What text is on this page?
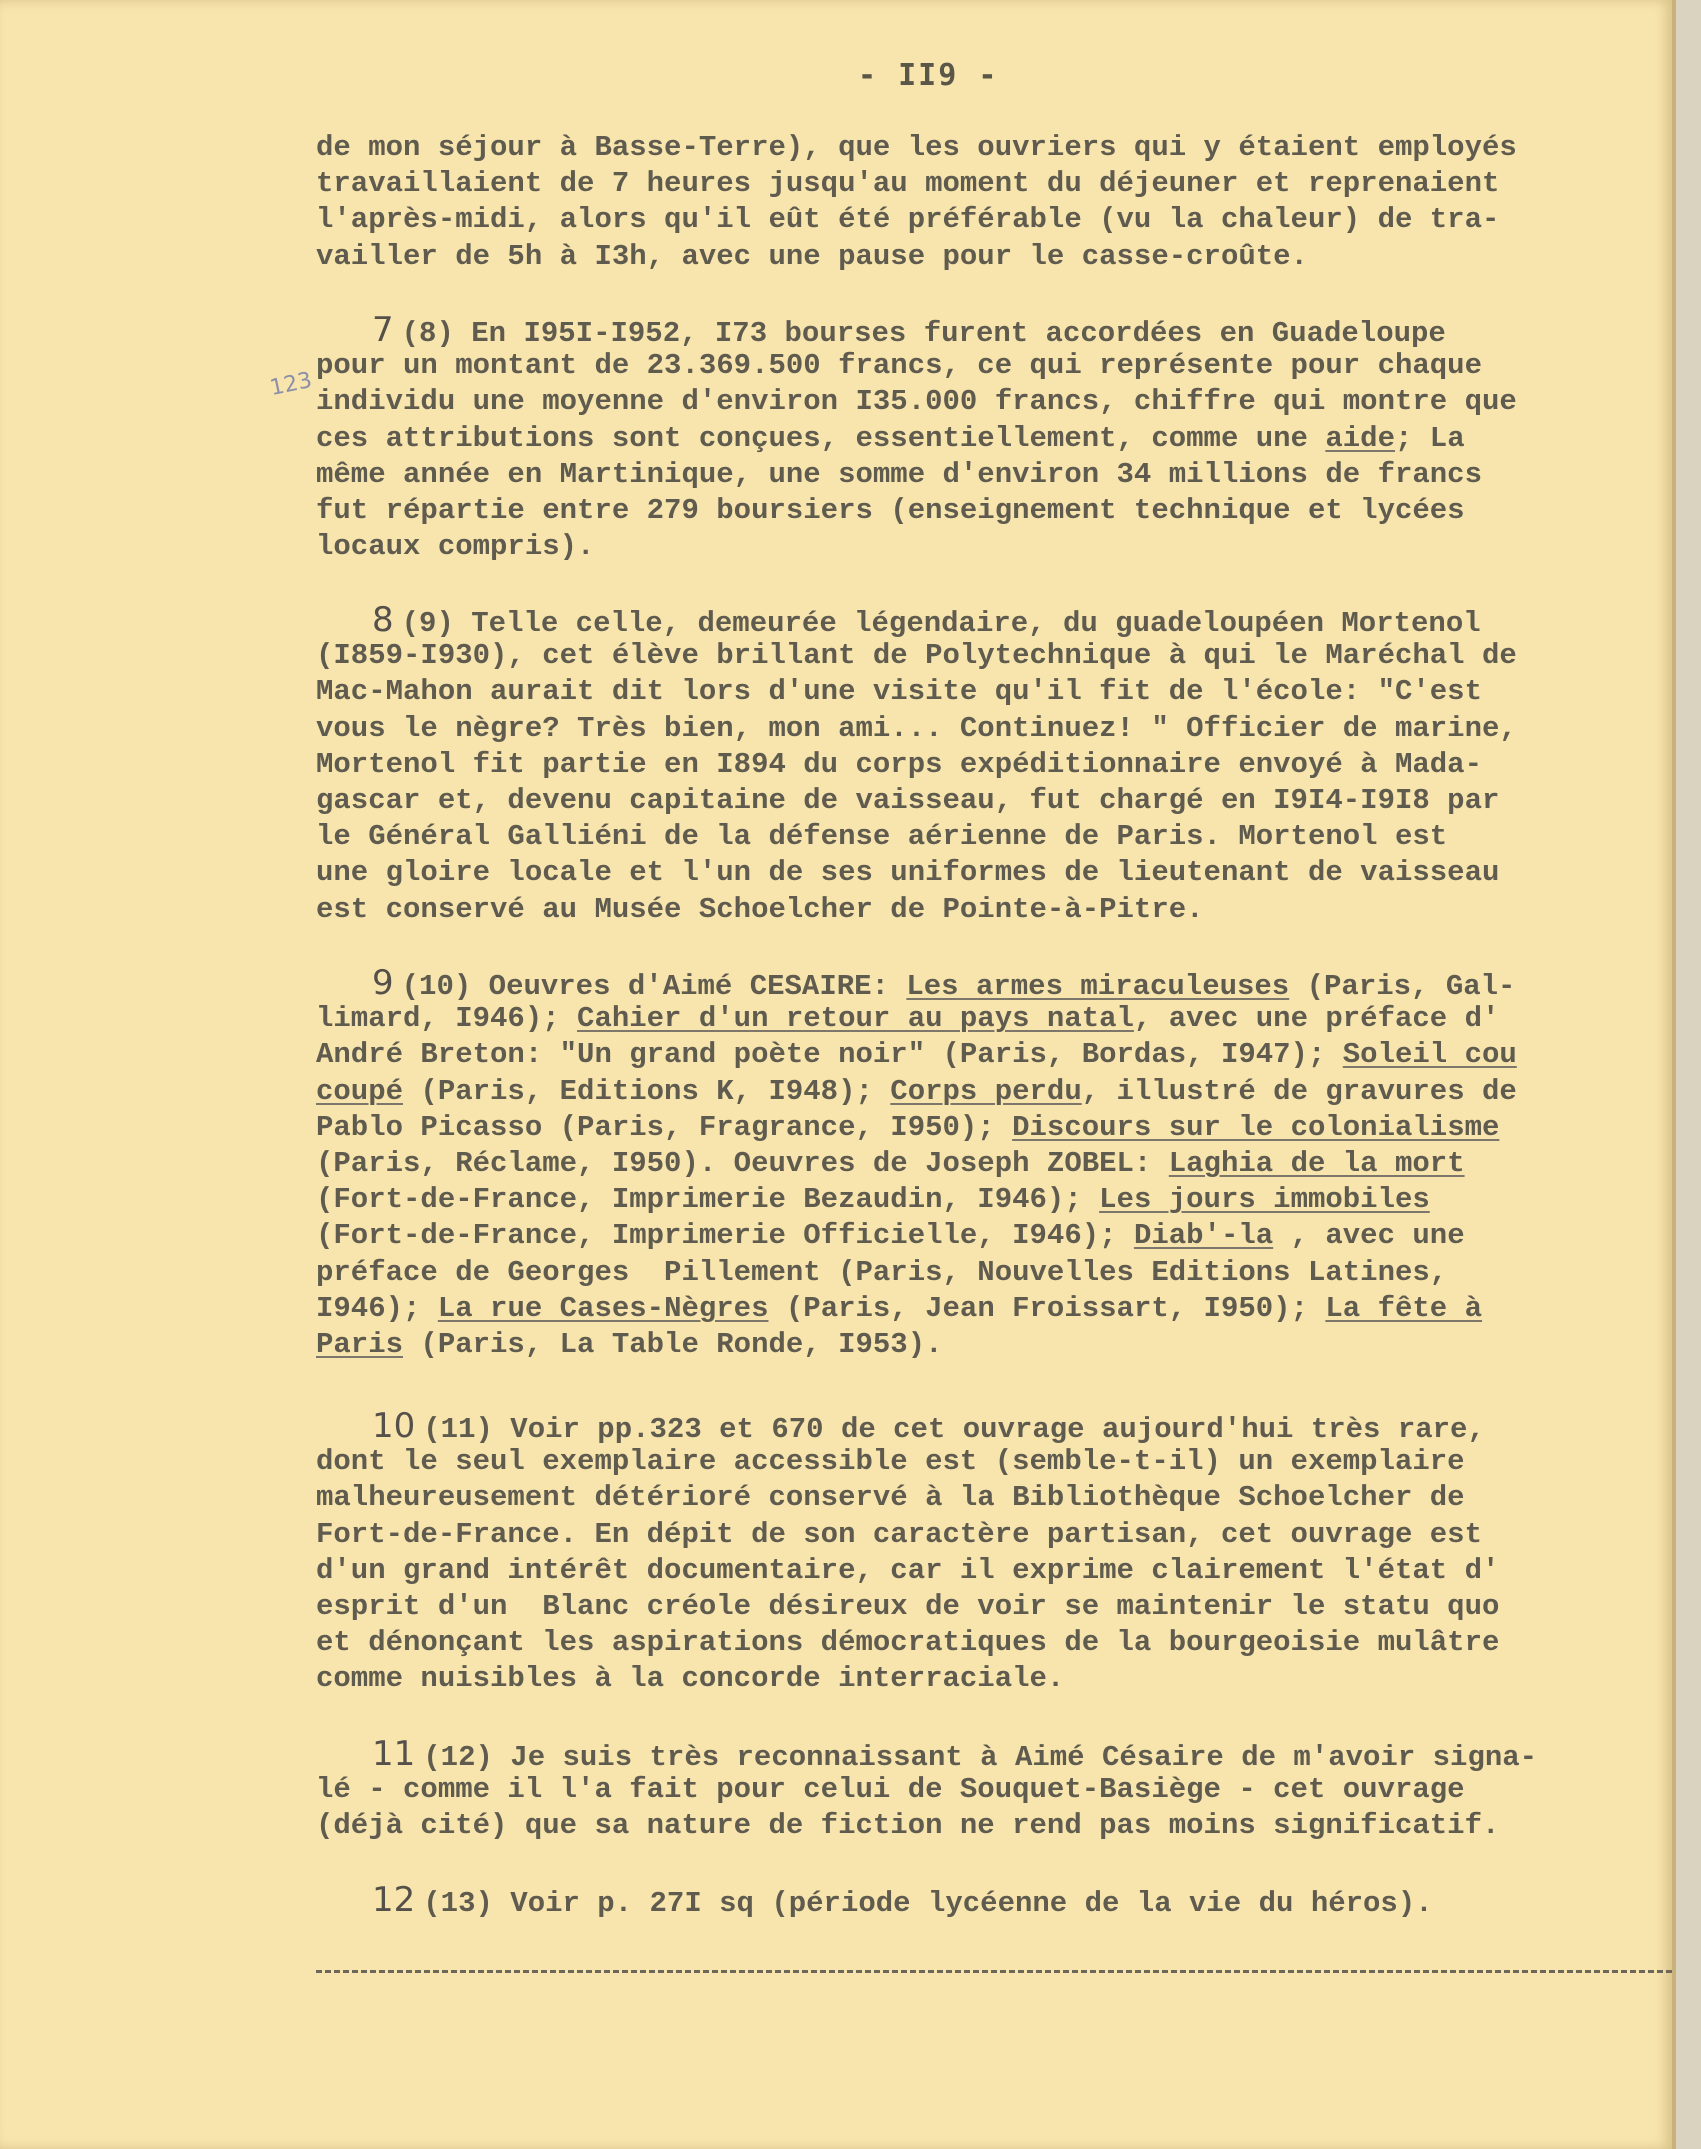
- II9 -
de mon séjour à Basse-Terre), que les ouvriers qui y étaient employés
travaillaient de 7 heures jusqu'au moment du déjeuner et reprenaient
l'après-midi, alors qu'il eût été préférable (vu la chaleur) de tra-
vailler de 5h à I3h, avec une pause pour le casse-croûte.
123
7 (8) En I95I-I952, I73 bourses furent accordées en Guadeloupe
pour un montant de 23.369.500 francs, ce qui représente pour chaque
individu une moyenne d'environ I35.000 francs, chiffre qui montre que
ces attributions sont conçues, essentiellement, comme une aide; La
même année en Martinique, une somme d'environ 34 millions de francs
fut répartie entre 279 boursiers (enseignement technique et lycées
locaux compris).
8 (9) Telle celle, demeurée légendaire, du guadeloupéen Mortenol
(I859-I930), cet élève brillant de Polytechnique à qui le Maréchal de
Mac-Mahon aurait dit lors d'une visite qu'il fit de l'école: "C'est
vous le nègre? Très bien, mon ami... Continuez! " Officier de marine,
Mortenol fit partie en I894 du corps expéditionnaire envoyé à Mada-
gascar et, devenu capitaine de vaisseau, fut chargé en I9I4-I9I8 par
le Général Galliéni de la défense aérienne de Paris. Mortenol est
une gloire locale et l'un de ses uniformes de lieutenant de vaisseau
est conservé au Musée Schoelcher de Pointe-à-Pitre.
9 (10) Oeuvres d'Aimé CESAIRE: Les armes miraculeuses (Paris, Gal-
limard, I946); Cahier d'un retour au pays natal, avec une préface d'
André Breton: "Un grand poète noir" (Paris, Bordas, I947); Soleil cou
coupé (Paris, Editions K, I948); Corps perdu, illustré de gravures de
Pablo Picasso (Paris, Fragrance, I950); Discours sur le colonialisme
(Paris, Réclame, I950). Oeuvres de Joseph ZOBEL: Laghia de la mort
(Fort-de-France, Imprimerie Bezaudin, I946); Les jours immobiles
(Fort-de-France, Imprimerie Officielle, I946); Diab'-la , avec une
préface de Georges  Pillement (Paris, Nouvelles Editions Latines,
I946); La rue Cases-Nègres (Paris, Jean Froissart, I950); La fête à
Paris (Paris, La Table Ronde, I953).
10 (11) Voir pp.323 et 670 de cet ouvrage aujourd'hui très rare,
dont le seul exemplaire accessible est (semble-t-il) un exemplaire
malheureusement détérioré conservé à la Bibliothèque Schoelcher de
Fort-de-France. En dépit de son caractère partisan, cet ouvrage est
d'un grand intérêt documentaire, car il exprime clairement l'état d'
esprit d'un  Blanc créole désireux de voir se maintenir le statu quo
et dénonçant les aspirations démocratiques de la bourgeoisie mulâtre
comme nuisibles à la concorde interraciale.
11 (12) Je suis très reconnaissant à Aimé Césaire de m'avoir signa-
lé - comme il l'a fait pour celui de Souquet-Basiège - cet ouvrage
(déjà cité) que sa nature de fiction ne rend pas moins significatif.
12 (13) Voir p. 27I sq (période lycéenne de la vie du héros).
